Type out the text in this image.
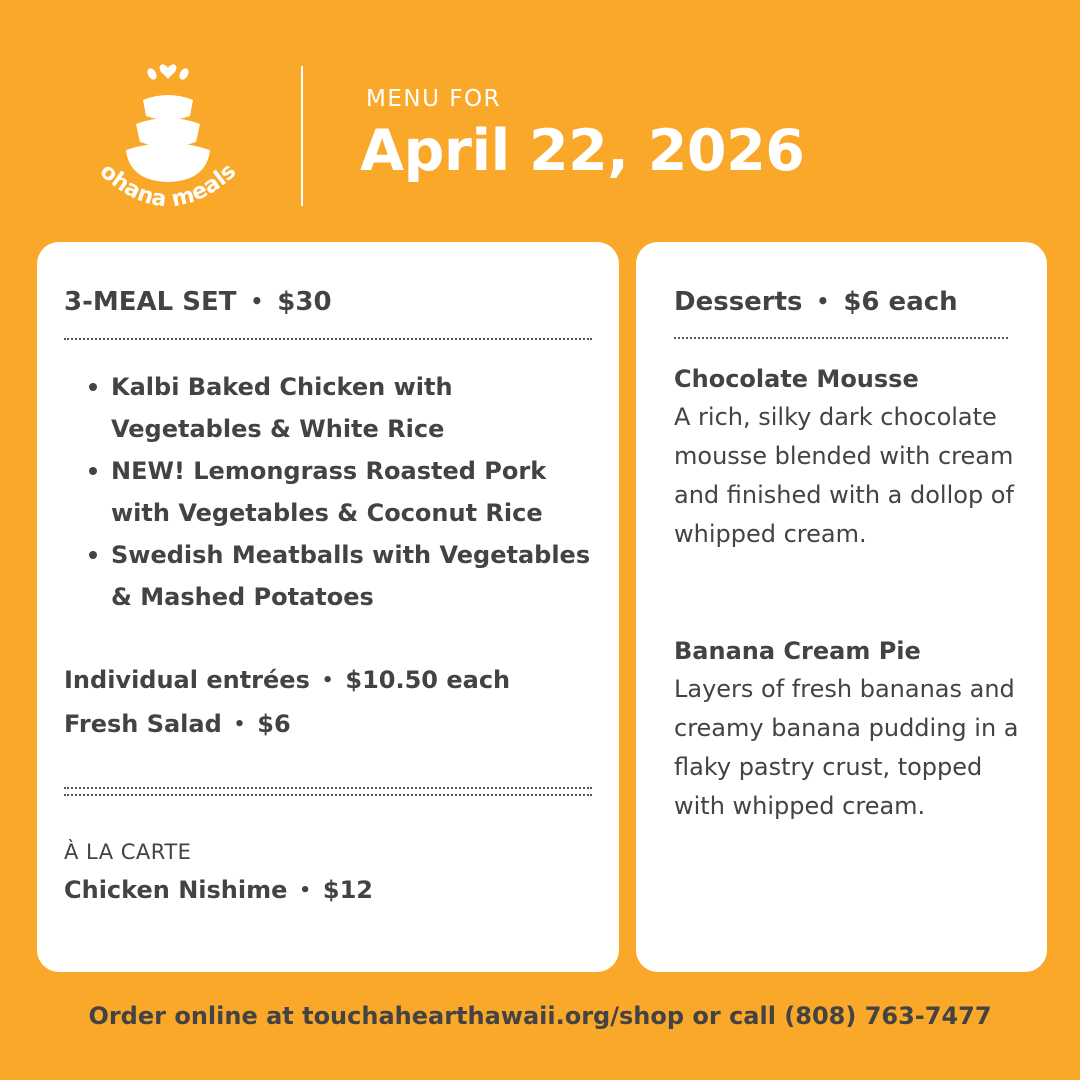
ohana meals
MENU FOR
April 22, 2026
3-MEAL SET • $30
Kalbi Baked Chicken with Vegetables & White Rice
NEW! Lemongrass Roasted Pork with Vegetables & Coconut Rice
Swedish Meatballs with Vegetables & Mashed Potatoes
Individual entrées • $10.50 each
Fresh Salad • $6
À LA CARTE
Chicken Nishime • $12
Desserts • $6 each
Chocolate Mousse
A rich, silky dark chocolate mousse blended with cream and finished with a dollop of whipped cream.
Banana Cream Pie
Layers of fresh bananas and creamy banana pudding in a flaky pastry crust, topped with whipped cream.
Order online at touchahearthawaii.org/shop or call (808) 763-7477
